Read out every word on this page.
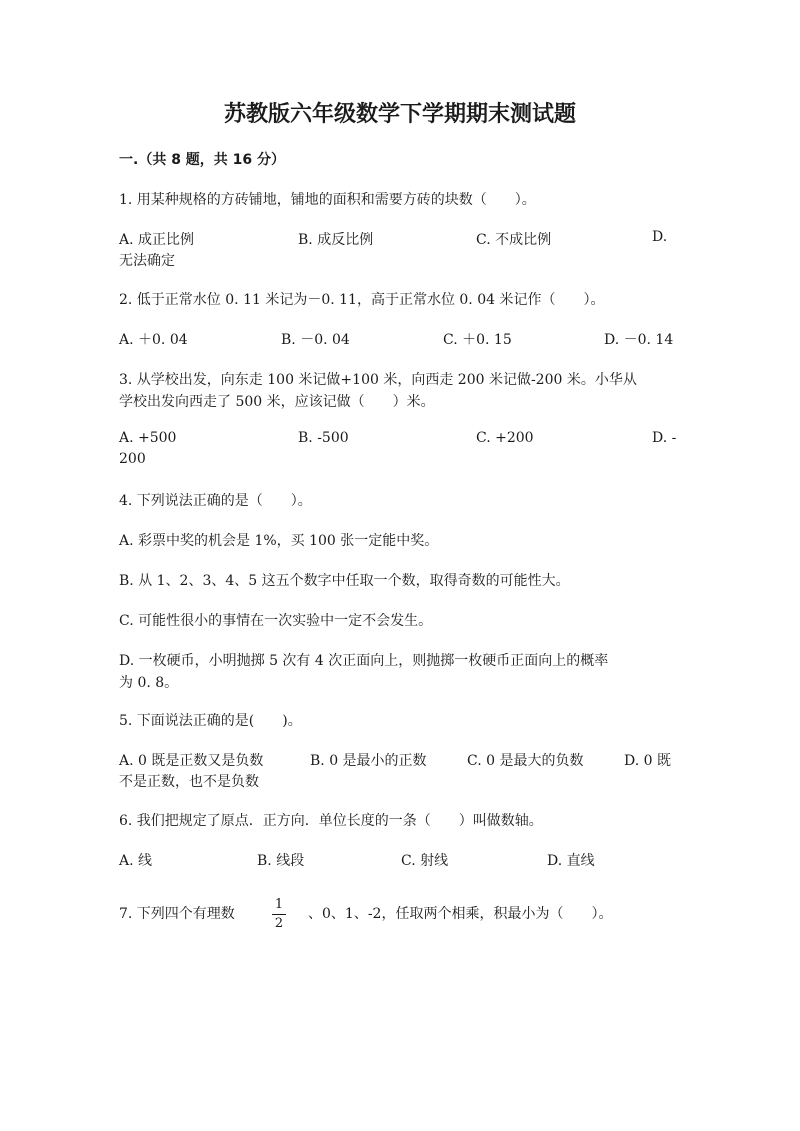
苏教版六年级数学下学期期末测试题
一.（共 8 题，共 16 分）
1. 用某种规格的方砖铺地，铺地的面积和需要方砖的块数（　　）。
A. 成正比例	B. 成反比例	C. 不成比例	D.
无法确定
2. 低于正常水位 0. 11 米记为－0. 11，高于正常水位 0. 04 米记作（　　）。
A. ＋0. 04	B. －0. 04	C. ＋0. 15	D. －0. 14
3. 从学校出发，向东走 100 米记做+100 米，向西走 200 米记做-200 米。小华从
学校出发向西走了 500 米，应该记做（　　）米。
A. +500	B. -500	C. +200	D. -
200
4. 下列说法正确的是（　　）。
A. 彩票中奖的机会是 1%，买 100 张一定能中奖。
B. 从 1、2、3、4、5 这五个数字中任取一个数，取得奇数的可能性大。
C. 可能性很小的事情在一次实验中一定不会发生。
D. 一枚硬币，小明抛掷 5 次有 4 次正面向上，则抛掷一枚硬币正面向上的概率
为 0. 8。
5. 下面说法正确的是(　　)。
A. 0 既是正数又是负数	B. 0 是最小的正数	C. 0 是最大的负数	D. 0 既
不是正数，也不是负数
6. 我们把规定了原点．正方向．单位长度的一条（　　）叫做数轴。
A. 线	B. 线段	C. 射线	D. 直线
7. 下列四个有理数
1
2
、0、1、-2，任取两个相乘，积最小为（　　）。
